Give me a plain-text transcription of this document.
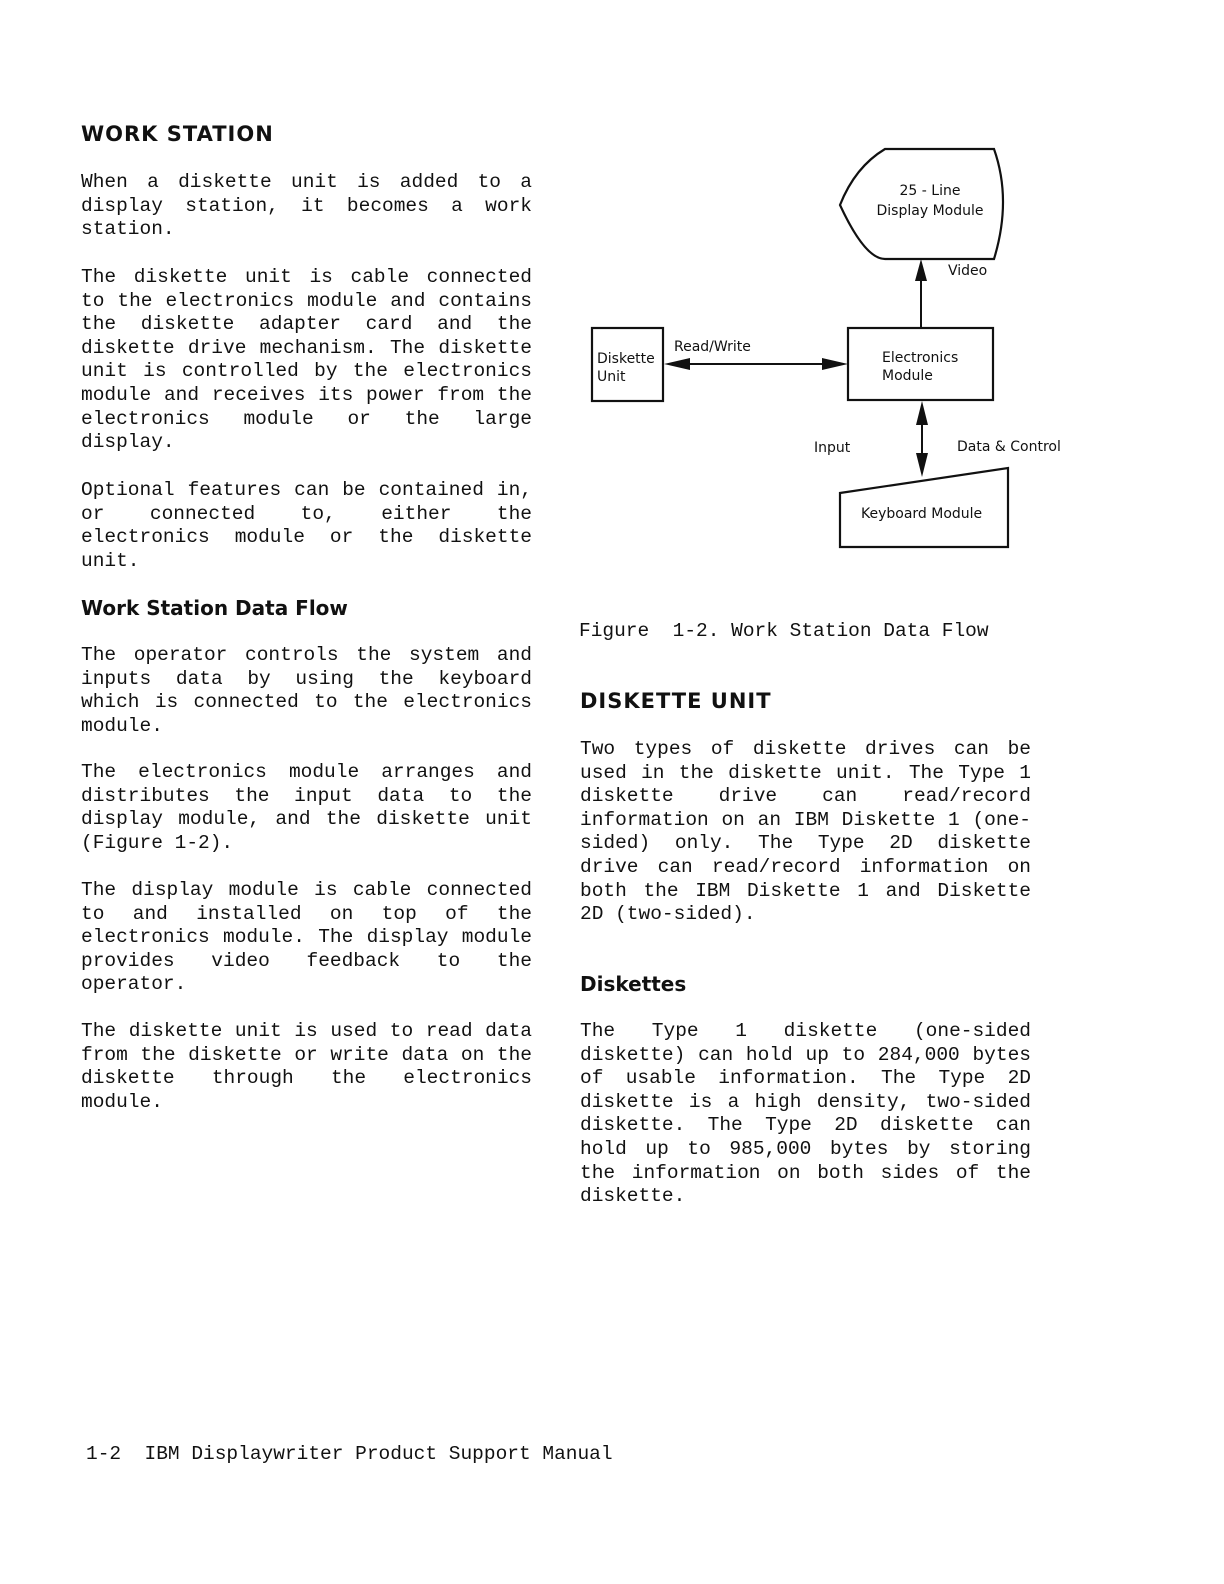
WORK STATION

When a diskette unit is added to a display station, it becomes a work station.

The diskette unit is cable connected to the electronics module and contains the diskette adapter card and the diskette drive mechanism. The diskette unit is controlled by the electronics module and receives its power from the electronics module or the large display.

Optional features can be contained in, or connected to, either the electronics module or the diskette unit.

Work Station Data Flow

The operator controls the system and inputs data by using the keyboard which is connected to the electronics module.

The electronics module arranges and distributes the input data to the display module, and the diskette unit (Figure 1-2).

The display module is cable connected to and installed on top of the electronics module. The display module provides video feedback to the operator.

The diskette unit is used to read data from the diskette or write data on the diskette through the electronics module.

25 - Line
Display Module
Video
Diskette
Unit
Read/Write
Electronics
Module
Input	Data & Control
Keyboard Module
Figure  1-2. Work Station Data Flow
DISKETTE UNIT

Two types of diskette drives can be used in the diskette unit. The Type 1 diskette drive can read/record information on an IBM Diskette 1 (one-sided) only. The Type 2D diskette drive can read/record information on both the IBM Diskette 1 and Diskette 2D (two-sided).

Diskettes

The Type 1 diskette (one-sided diskette) can hold up to 284,000 bytes of usable information. The Type 2D diskette is a high density, two-sided diskette. The Type 2D diskette can hold up to 985,000 bytes by storing the information on both sides of the diskette.

1-2  IBM Displaywriter Product Support Manual
